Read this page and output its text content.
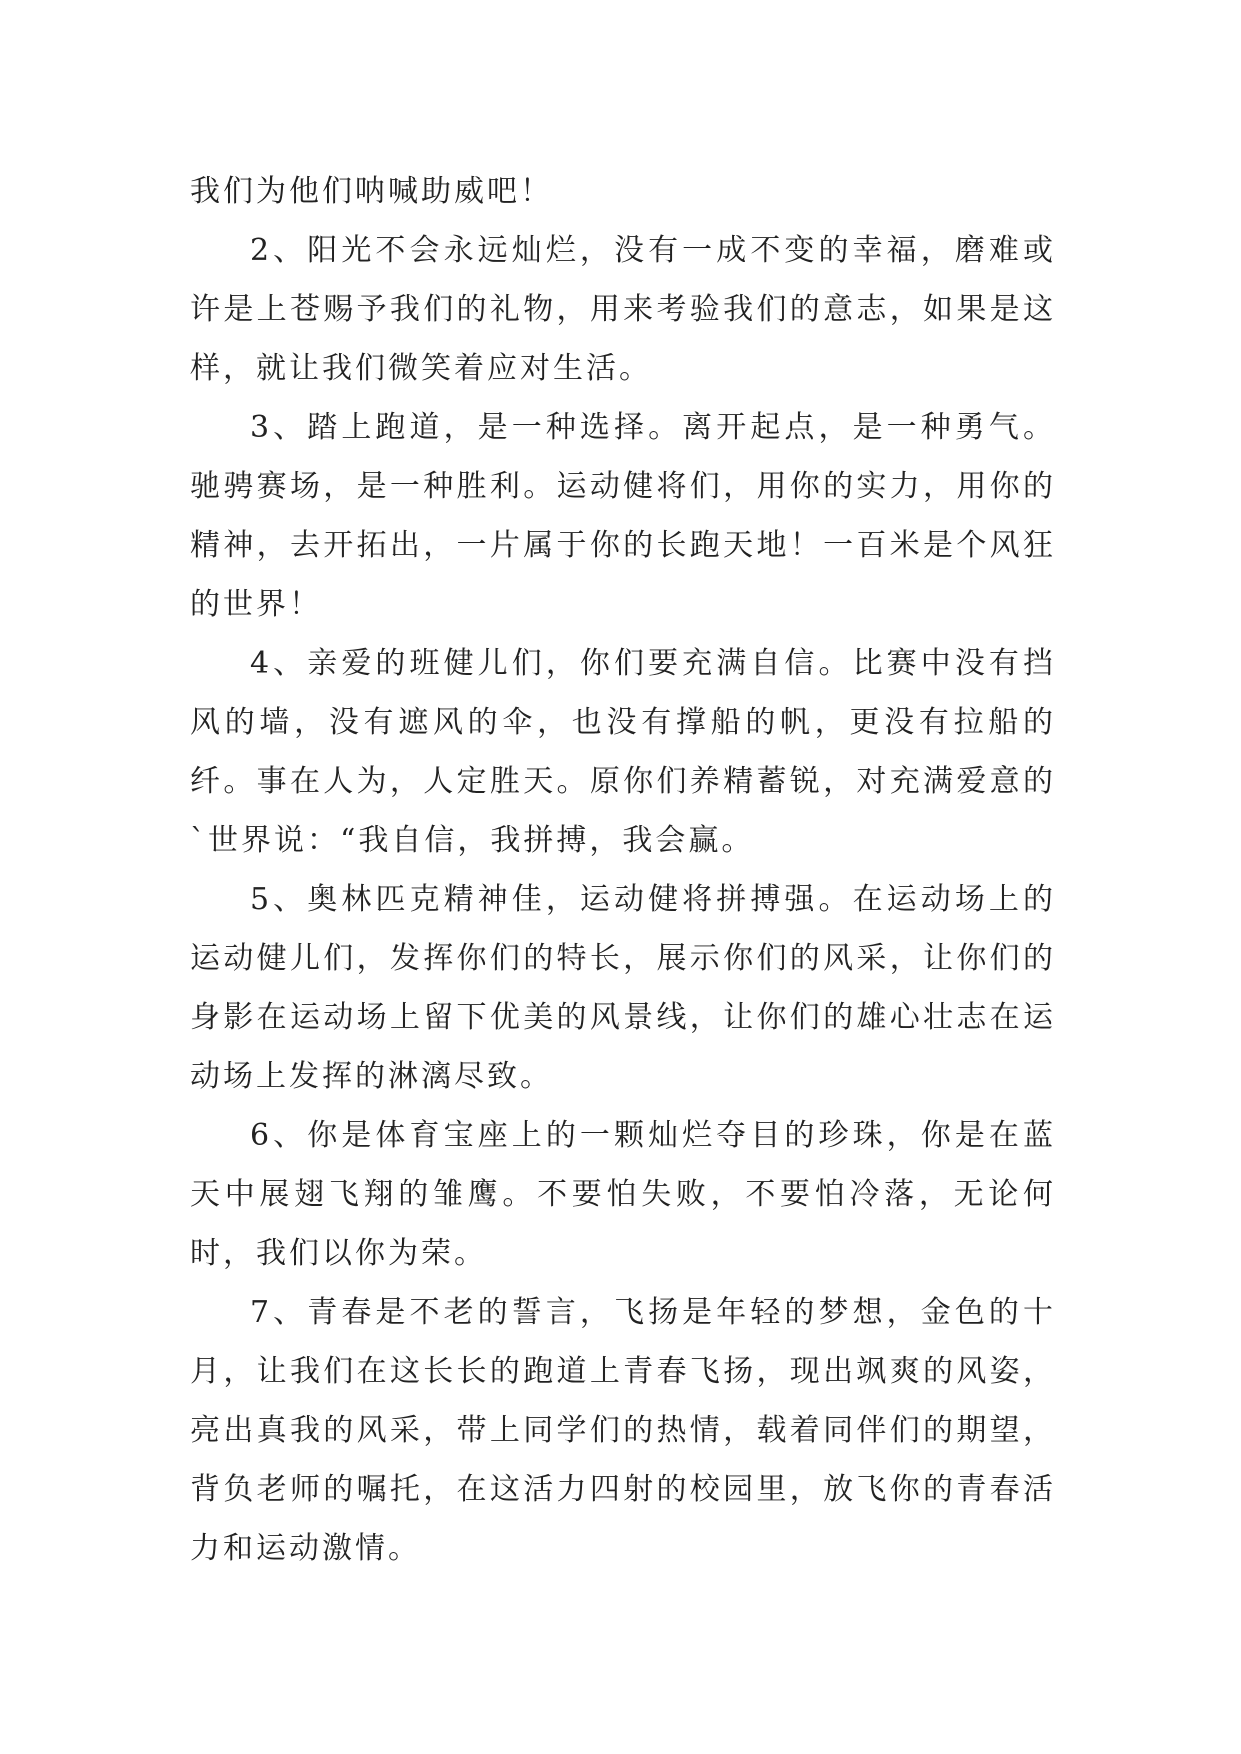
我们为他们呐喊助威吧！

2、阳光不会永远灿烂，没有一成不变的幸福，磨难或许是上苍赐予我们的礼物，用来考验我们的意志，如果是这样，就让我们微笑着应对生活。

3、踏上跑道，是一种选择。离开起点，是一种勇气。驰骋赛场，是一种胜利。运动健将们，用你的实力，用你的精神，去开拓出，一片属于你的长跑天地！一百米是个风狂的世界！

4、亲爱的班健儿们，你们要充满自信。比赛中没有挡风的墙，没有遮风的伞，也没有撑船的帆，更没有拉船的纤。事在人为，人定胜天。原你们养精蓄锐，对充满爱意的`世界说：“我自信，我拼搏，我会赢。

5、奥林匹克精神佳，运动健将拼搏强。在运动场上的运动健儿们，发挥你们的特长，展示你们的风采，让你们的身影在运动场上留下优美的风景线，让你们的雄心壮志在运动场上发挥的淋漓尽致。

6、你是体育宝座上的一颗灿烂夺目的珍珠，你是在蓝天中展翅飞翔的雏鹰。不要怕失败，不要怕冷落，无论何时，我们以你为荣。

7、青春是不老的誓言，飞扬是年轻的梦想，金色的十月，让我们在这长长的跑道上青春飞扬，现出飒爽的风姿，亮出真我的风采，带上同学们的热情，载着同伴们的期望，背负老师的嘱托，在这活力四射的校园里，放飞你的青春活力和运动激情。
